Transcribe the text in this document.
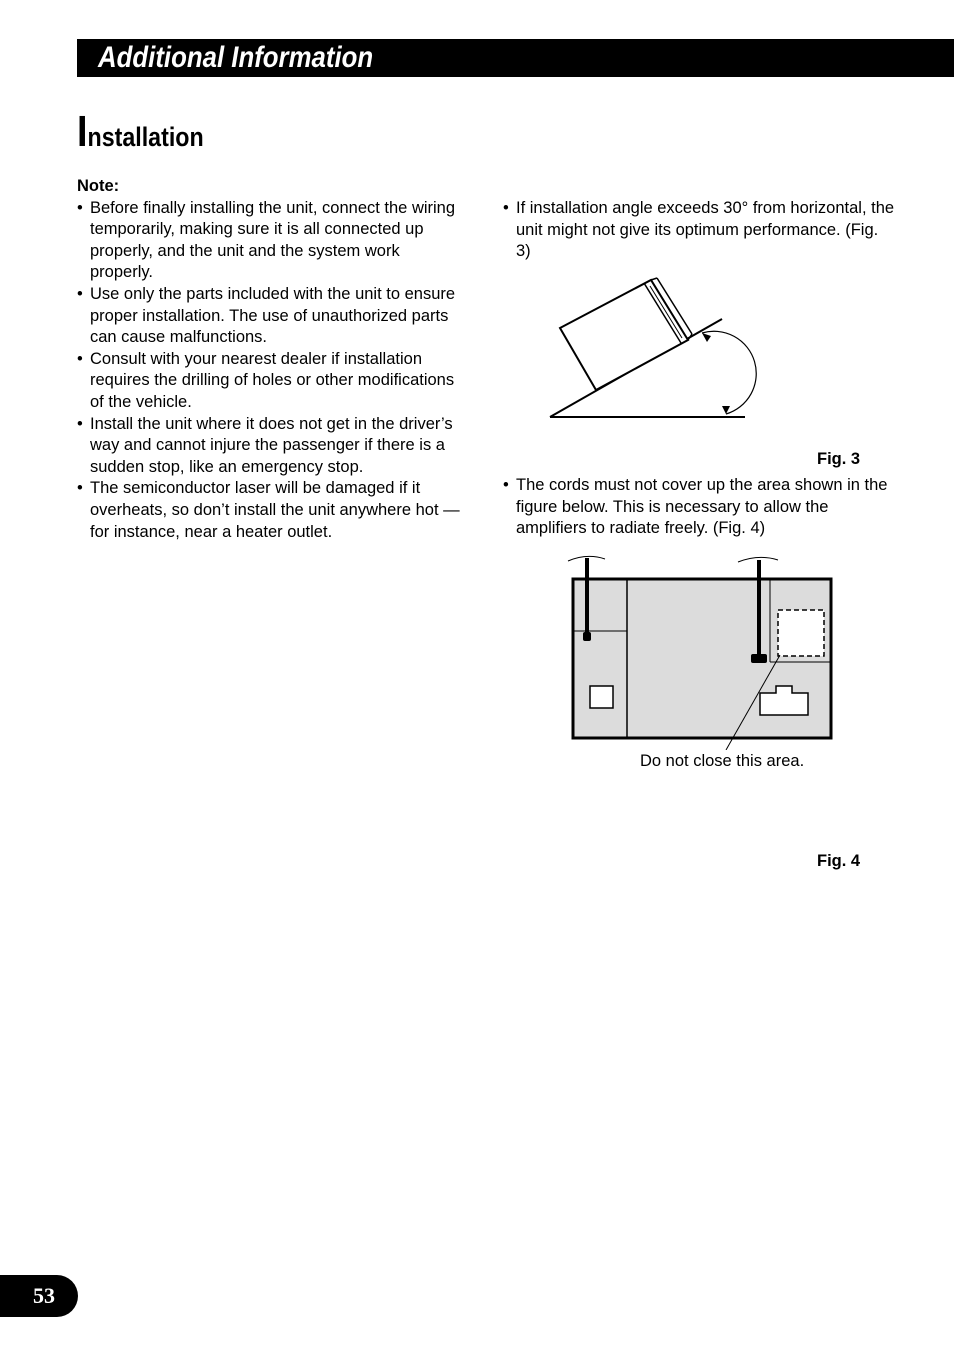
Additional Information
Installation

Note:

• Before finally installing the unit, connect the wiring temporarily, making sure it is all connected up properly, and the unit and the system work properly.
• Use only the parts included with the unit to ensure proper installation. The use of unauthorized parts can cause malfunctions.
• Consult with your nearest dealer if installation requires the drilling of holes or other modifications of the vehicle.
• Install the unit where it does not get in the driver’s way and cannot injure the passenger if there is a sudden stop, like an emergency stop.
• The semiconductor laser will be damaged if it overheats, so don’t install the unit anywhere hot — for instance, near a heater outlet.
• If installation angle exceeds 30° from horizontal, the unit might not give its optimum performance. (Fig. 3)
Fig. 3
• The cords must not cover up the area shown in the figure below. This is necessary to allow the amplifiers to radiate freely. (Fig. 4)
Do not close this area.
Fig. 4
53
